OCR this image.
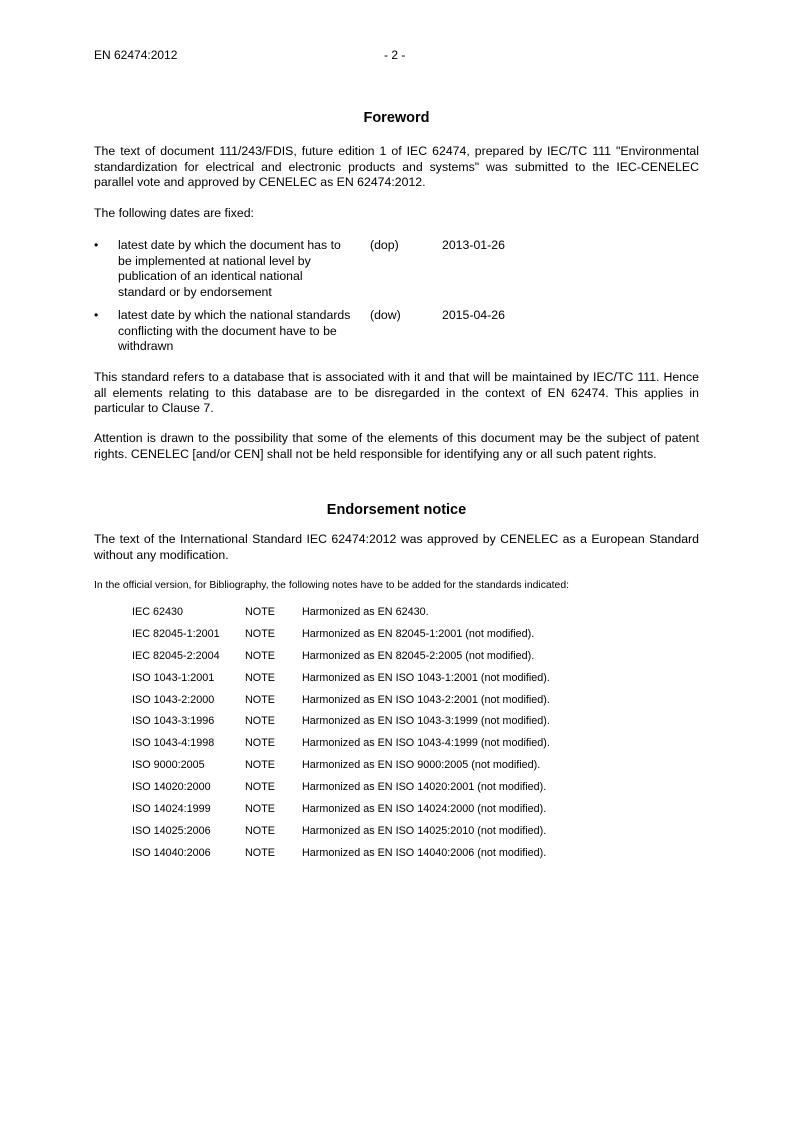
EN 62474:2012	- 2 -
Foreword

The text of document 111/243/FDIS, future edition 1 of IEC 62474, prepared by IEC/TC 111 "Environmental standardization for electrical and electronic products and systems" was submitted to the IEC-CENELEC parallel vote and approved by CENELEC as EN 62474:2012.

The following dates are fixed:

• latest date by which the document has to be implemented at national level by publication of an identical national standard or by endorsement
(dop)	2013-01-26
• latest date by which the national standards conflicting with the document have to be withdrawn
(dow)	2015-04-26

This standard refers to a database that is associated with it and that will be maintained by IEC/TC 111. Hence all elements relating to this database are to be disregarded in the context of EN 62474. This applies in particular to Clause 7.

Attention is drawn to the possibility that some of the elements of this document may be the subject of patent rights. CENELEC [and/or CEN] shall not be held responsible for identifying any or all such patent rights.

Endorsement notice

The text of the International Standard IEC 62474:2012 was approved by CENELEC as a European Standard without any modification.

In the official version, for Bibliography, the following notes have to be added for the standards indicated:

IEC 62430	NOTE	Harmonized as EN 62430.
IEC 82045-1:2001 NOTE	Harmonized as EN 82045-1:2001 (not modified).
IEC 82045-2:2004 NOTE	Harmonized as EN 82045-2:2005 (not modified).
ISO 1043-1:2001	NOTE	Harmonized as EN ISO 1043-1:2001 (not modified).
ISO 1043-2:2000	NOTE	Harmonized as EN ISO 1043-2:2001 (not modified).
ISO 1043-3:1996	NOTE	Harmonized as EN ISO 1043-3:1999 (not modified).
ISO 1043-4:1998	NOTE	Harmonized as EN ISO 1043-4:1999 (not modified).
ISO 9000:2005	NOTE	Harmonized as EN ISO 9000:2005 (not modified).
ISO 14020:2000	NOTE	Harmonized as EN ISO 14020:2001 (not modified).
ISO 14024:1999	NOTE	Harmonized as EN ISO 14024:2000 (not modified).
ISO 14025:2006	NOTE	Harmonized as EN ISO 14025:2010 (not modified).
ISO 14040:2006	NOTE	Harmonized as EN ISO 14040:2006 (not modified).
